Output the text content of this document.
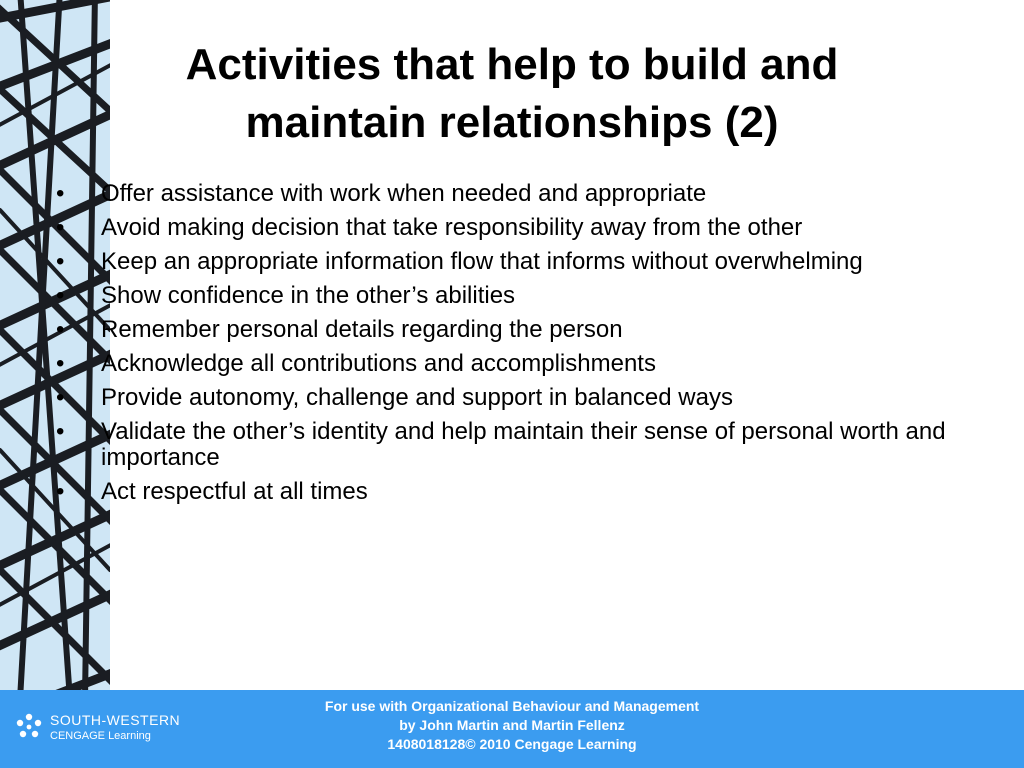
Activities that help to build and
maintain relationships (2)
•	Offer assistance with work when needed and appropriate
•	Avoid making decision that take responsibility away from the other
•	Keep an appropriate information flow that informs without overwhelming
•	Show confidence in the other’s abilities
•	Remember personal details regarding the person
•	Acknowledge all contributions and accomplishments
•	Provide autonomy, challenge and support in balanced ways
•	Validate the other’s identity and help maintain their sense of personal worth and importance
•	Act respectful at all times
SOUTH-WESTERN
CENGAGE Learning
For use with Organizational Behaviour and Management
by John Martin and Martin Fellenz
1408018128© 2010 Cengage Learning
